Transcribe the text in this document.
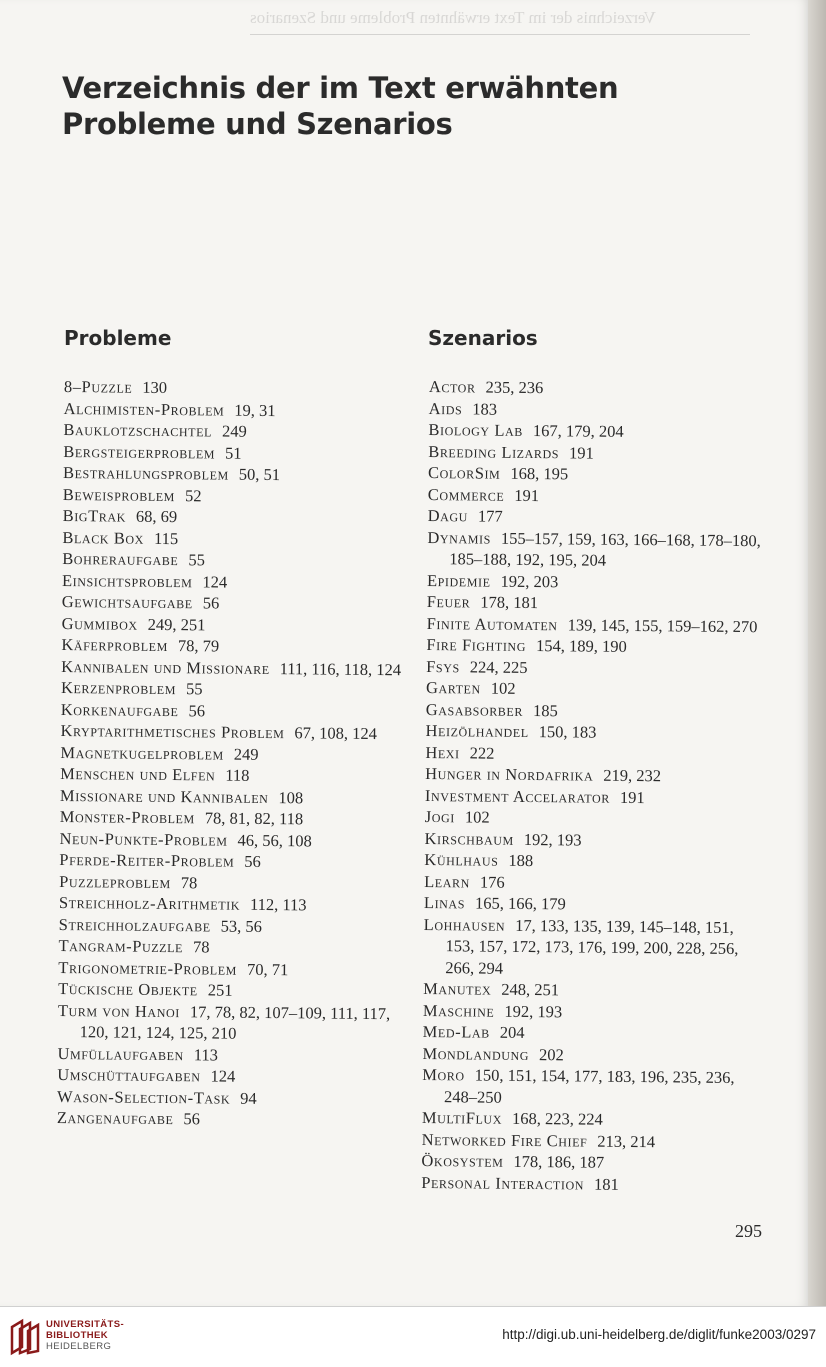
Verzeichnis der im Text erwähnten Probleme und Szenarios
Verzeichnis der im Text erwähnten Probleme und Szenarios
Probleme	Szenarios
8–Puzzle 130
Alchimisten-Problem 19, 31
Bauklotzschachtel 249
Bergsteigerproblem 51
Bestrahlungsproblem 50, 51
Beweisproblem 52
BigTrak 68, 69
Black Box 115
Bohreraufgabe 55
Einsichtsproblem 124
Gewichtsaufgabe 56
Gummibox 249, 251
Käferproblem 78, 79
Kannibalen und Missionare 111, 116, 118, 124
Kerzenproblem 55
Korkenaufgabe 56
Kryptarithmetisches Problem 67, 108, 124
Magnetkugelproblem 249
Menschen und Elfen 118
Missionare und Kannibalen 108
Monster-Problem 78, 81, 82, 118
Neun-Punkte-Problem 46, 56, 108
Pferde-Reiter-Problem 56
Puzzleproblem 78
Streichholz-Arithmetik 112, 113
Streichholzaufgabe 53, 56
Tangram-Puzzle 78
Trigonometrie-Problem 70, 71
Tückische Objekte 251
Turm von Hanoi 17, 78, 82, 107–109, 111, 117, 120, 121, 124, 125, 210
Umfüllaufgaben 113
Umschüttaufgaben 124
Wason-Selection-Task 94
Zangenaufgabe 56
Actor 235, 236
Aids 183
Biology Lab 167, 179, 204
Breeding Lizards 191
ColorSim 168, 195
Commerce 191
Dagu 177
Dynamis 155–157, 159, 163, 166–168, 178–180, 185–188, 192, 195, 204
Epidemie 192, 203
Feuer 178, 181
Finite Automaten 139, 145, 155, 159–162, 270
Fire Fighting 154, 189, 190
Fsys 224, 225
Garten 102
Gasabsorber 185
Heizölhandel 150, 183
Hexi 222
Hunger in Nordafrika 219, 232
Investment Accelarator 191
Jogi 102
Kirschbaum 192, 193
Kühlhaus 188
Learn 176
Linas 165, 166, 179
Lohhausen 17, 133, 135, 139, 145–148, 151, 153, 157, 172, 173, 176, 199, 200, 228, 256, 266, 294
Manutex 248, 251
Maschine 192, 193
Med-Lab 204
Mondlandung 202
Moro 150, 151, 154, 177, 183, 196, 235, 236, 248–250
MultiFlux 168, 223, 224
Networked Fire Chief 213, 214
Ökosystem 178, 186, 187
Personal Interaction 181
295
UNIVERSITÄTS-
BIBLIOTHEK
HEIDELBERG
http://digi.ub.uni-heidelberg.de/diglit/funke2003/0297
